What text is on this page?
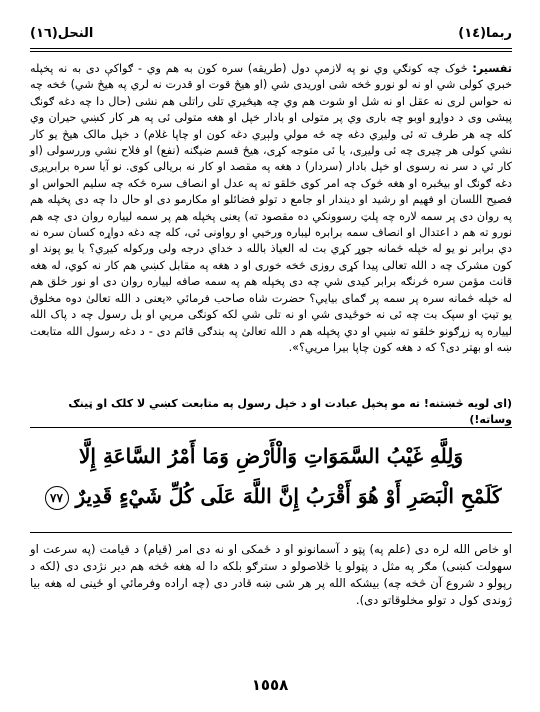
ربما(١٤)
النحل(١٦)

تفسير: څوک چه کونګي وي نو په لازمې دول (طريقه) سره کون به هم وي - ګواکې دی به نه پخپله خبري کولی شي او نه لو نورو څخه شی اوريدی شي (او هيڅ قوت او قدرت نه لري په هيڅ شي) څخه چه نه حواس لری نه عقل او نه شل او شوت هم وي چه هيڅيري تلی راتلی هم نشی (حال دا چه دغه ګونګ پيشی وی د دواړو اوبو چه باری وي پر متولی او بادار خپل او هغه متولی ئی په هر کار کښي حيران وي کله چه هر طرف ته ئی وليږي دغه چه څه مولي ولېږي دغه کون او چاپا غلام) د خپل مالک هيڅ يو کار نشي کولی هر چيری چه ئی ولیږی، يا ئی متوجه کړی، هيڅ قسم ضيګنه (نفع) او فلاح نشي وررسولی (او کار ئي د سر نه رسوی او خپل بادار (سردار) د هغه په مقصد او کار نه بريالی کوی. نو آيا سره برابريږی دغه ګونګ او بيځبره او هغه څوک چه امر کوی خلقو ته په عدل او انصاف سره څکه چه سليم الحواس او فصيح اللسان او فهيم او رشيد او ديندار او جامع د تولو فضائلو او مکارمو دی او حال دا چه دی پخپله هم په روان دی پر سمه لاره چه پلټ رسوونکي ده مقصود ته) يعنی پخپله هم پر سمه ليياره روان دی چه هم نورو ته هم د اعتدال او انصاف سمه برابره ليباره ورخيي او رواونی ئی، کله چه دغه دواړه کسان سره نه دي برابر نو يو له خپله څمانه جوړ کړي بت له العياذ بالله د خداي درجه ولی ورکوله کیږي؟ يا يو پوند او کون مشرک چه د الله تعالی پيدا کړی روزی څخه خوری او د هغه په مقابل کښي هم کار نه کوي، له هغه قانت مؤمن سره څرنګه برابر کيدی شي چه دی پخپله هم په سمه صافه ليياره روان دی او نور خلق هم له خپله څمانه سره پر سمه پر ګمای بيايي؟ حضرت شاه صاحب فرمائي «يعنی د الله تعالیٰ دوه مخلوق يو تيټ او سپک بت چه ئی نه خوځيدی شي او نه تلی شي لکه کونګی مريي او بل رسول چه د پاک الله ليياره په زړګونو خلقو ته ښيي او دي پخپله هم د الله تعالیٰ په بندګی قائم دی - د دغه رسول الله متابعت ښه او بهتر دی؟ که د هغه کون چاپا بيرا مريي؟».

(ای لويه څښتنه! ته مو پخپل عبادت او د خپل رسول په متابعت کښي لا کلک او ټينګ وساته!)
وَلِلَّهِ غَيْبُ السَّمَوَاتِ وَالْأَرْضِ وَمَا أَمْرُ السَّاعَةِ إِلَّا
كَلَمْحِ الْبَصَرِ أَوْ هُوَ أَقْرَبُ إِنَّ اللَّهَ عَلَى كُلِّ شَيْءٍ قَدِيرٌ ٧٧

او خاص الله لره دی (علم په) پټو د آسمانونو او د ځمکی او نه دی امر (قيام) د قيامت (په سرعت او سهولت کښی) مګر په مثل د پټولو يا څلاصولو د سترګو بلکه دا له هغه څخه هم دير نژدی دی (لکه د رپولو د شروع آن څخه چه) بيشکه الله پر هر شی ښه قادر دی (چه اراده وفرمائي او ځينی له هغه بيا ژوندی کول د تولو مخلوقاتو دی).

١٥٥٨
